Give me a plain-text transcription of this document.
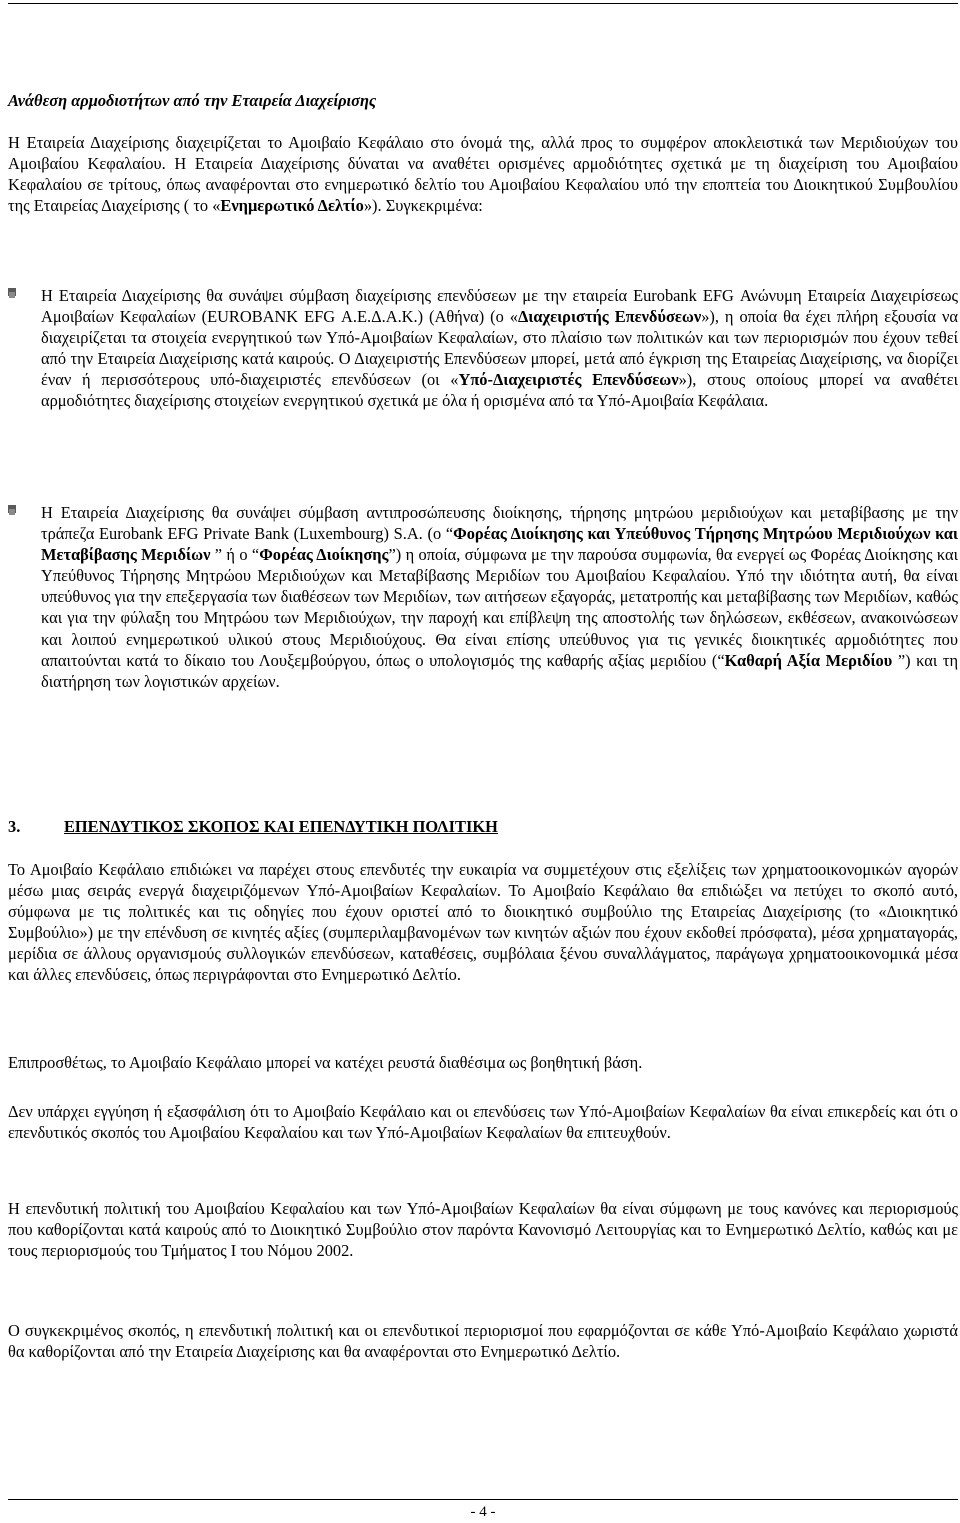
Ανάθεση αρμοδιοτήτων από την Εταιρεία Διαχείρισης

Η Εταιρεία Διαχείρισης διαχειρίζεται το Αμοιβαίο Κεφάλαιο στο όνομά της, αλλά προς το συμφέρον αποκλειστικά των Μεριδιούχων του Αμοιβαίου Κεφαλαίου. Η Εταιρεία Διαχείρισης δύναται να αναθέτει ορισμένες αρμοδιότητες σχετικά με τη διαχείριση του Αμοιβαίου Κεφαλαίου σε τρίτους, όπως αναφέρονται στο ενημερωτικό δελτίο του Αμοιβαίου Κεφαλαίου υπό την εποπτεία του Διοικητικού Συμβουλίου της Εταιρείας Διαχείρισης ( το «Ενημερωτικό Δελτίο»). Συγκεκριμένα:

Η Εταιρεία Διαχείρισης θα συνάψει σύμβαση διαχείρισης επενδύσεων με την εταιρεία Eurobank EFG Ανώνυμη Εταιρεία Διαχειρίσεως Αμοιβαίων Κεφαλαίων (EUROBANK EFG Α.Ε.Δ.Α.Κ.) (Αθήνα) (ο «Διαχειριστής Επενδύσεων»), η οποία θα έχει πλήρη εξουσία να διαχειρίζεται τα στοιχεία ενεργητικού των Υπό-Αμοιβαίων Κεφαλαίων, στο πλαίσιο των πολιτικών και των περιορισμών που έχουν τεθεί από την Εταιρεία Διαχείρισης κατά καιρούς. Ο Διαχειριστής Επενδύσεων μπορεί, μετά από έγκριση της Εταιρείας Διαχείρισης, να διορίζει έναν ή περισσότερους υπό-διαχειριστές επενδύσεων (οι «Υπό-Διαχειριστές Επενδύσεων»), στους οποίους μπορεί να αναθέτει αρμοδιότητες διαχείρισης στοιχείων ενεργητικού σχετικά με όλα ή ορισμένα από τα Υπό-Αμοιβαία Κεφάλαια.

Η Εταιρεία Διαχείρισης θα συνάψει σύμβαση αντιπροσώπευσης διοίκησης, τήρησης μητρώου μεριδιούχων και μεταβίβασης με την τράπεζα Eurobank EFG Private Bank (Luxembourg) S.A. (ο “Φορέας Διοίκησης και Υπεύθυνος Τήρησης Μητρώου Μεριδιούχων και Μεταβίβασης Μεριδίων ” ή ο “Φορέας Διοίκησης”) η οποία, σύμφωνα με την παρούσα συμφωνία, θα ενεργεί ως Φορέας Διοίκησης και Υπεύθυνος Τήρησης Μητρώου Μεριδιούχων και Μεταβίβασης Μεριδίων του Αμοιβαίου Κεφαλαίου. Υπό την ιδιότητα αυτή, θα είναι υπεύθυνος για την επεξεργασία των διαθέσεων των Μεριδίων, των αιτήσεων εξαγοράς, μετατροπής και μεταβίβασης των Μεριδίων, καθώς και για την φύλαξη του Μητρώου των Μεριδιούχων, την παροχή και επίβλεψη της αποστολής των δηλώσεων, εκθέσεων, ανακοινώσεων και λοιπού ενημερωτικού υλικού στους Μεριδιούχους. Θα είναι επίσης υπεύθυνος για τις γενικές διοικητικές αρμοδιότητες που απαιτούνται κατά το δίκαιο του Λουξεμβούργου, όπως ο υπολογισμός της καθαρής αξίας μεριδίου (“Καθαρή Αξία Μεριδίου ”) και τη διατήρηση των λογιστικών αρχείων.

3.	ΕΠΕΝΔΥΤΙΚΟΣ ΣΚΟΠΟΣ ΚΑΙ ΕΠΕΝΔΥΤΙΚΗ ΠΟΛΙΤΙΚΗ

Το Αμοιβαίο Κεφάλαιο επιδιώκει να παρέχει στους επενδυτές την ευκαιρία να συμμετέχουν στις εξελίξεις των χρηματοοικονομικών αγορών μέσω μιας σειράς ενεργά διαχειριζόμενων Υπό-Αμοιβαίων Κεφαλαίων. Το Αμοιβαίο Κεφάλαιο θα επιδιώξει να πετύχει το σκοπό αυτό, σύμφωνα με τις πολιτικές και τις οδηγίες που έχουν οριστεί από το διοικητικό συμβούλιο της Εταιρείας Διαχείρισης (το «Διοικητικό Συμβούλιο») με την επένδυση σε κινητές αξίες (συμπεριλαμβανομένων των κινητών αξιών που έχουν εκδοθεί πρόσφατα), μέσα χρηματαγοράς, μερίδια σε άλλους οργανισμούς συλλογικών επενδύσεων, καταθέσεις, συμβόλαια ξένου συναλλάγματος, παράγωγα χρηματοοικονομικά μέσα και άλλες επενδύσεις, όπως περιγράφονται στο Ενημερωτικό Δελτίο.

Επιπροσθέτως, το Αμοιβαίο Κεφάλαιο μπορεί να κατέχει ρευστά διαθέσιμα ως βοηθητική βάση.

Δεν υπάρχει εγγύηση ή εξασφάλιση ότι το Αμοιβαίο Κεφάλαιο και οι επενδύσεις των Υπό-Αμοιβαίων Κεφαλαίων θα είναι επικερδείς και ότι ο επενδυτικός σκοπός του Αμοιβαίου Κεφαλαίου και των Υπό-Αμοιβαίων Κεφαλαίων θα επιτευχθούν.

Η επενδυτική πολιτική του Αμοιβαίου Κεφαλαίου και των Υπό-Αμοιβαίων Κεφαλαίων θα είναι σύμφωνη με τους κανόνες και περιορισμούς που καθορίζονται κατά καιρούς από το Διοικητικό Συμβούλιο στον παρόντα Κανονισμό Λειτουργίας και το Ενημερωτικό Δελτίο, καθώς και με τους περιορισμούς του Τμήματος I του Νόμου 2002.

Ο συγκεκριμένος σκοπός, η επενδυτική πολιτική και οι επενδυτικοί περιορισμοί που εφαρμόζονται σε κάθε Υπό-Αμοιβαίο Κεφάλαιο χωριστά θα καθορίζονται από την Εταιρεία Διαχείρισης και θα αναφέρονται στο Ενημερωτικό Δελτίο.

- 4 -
